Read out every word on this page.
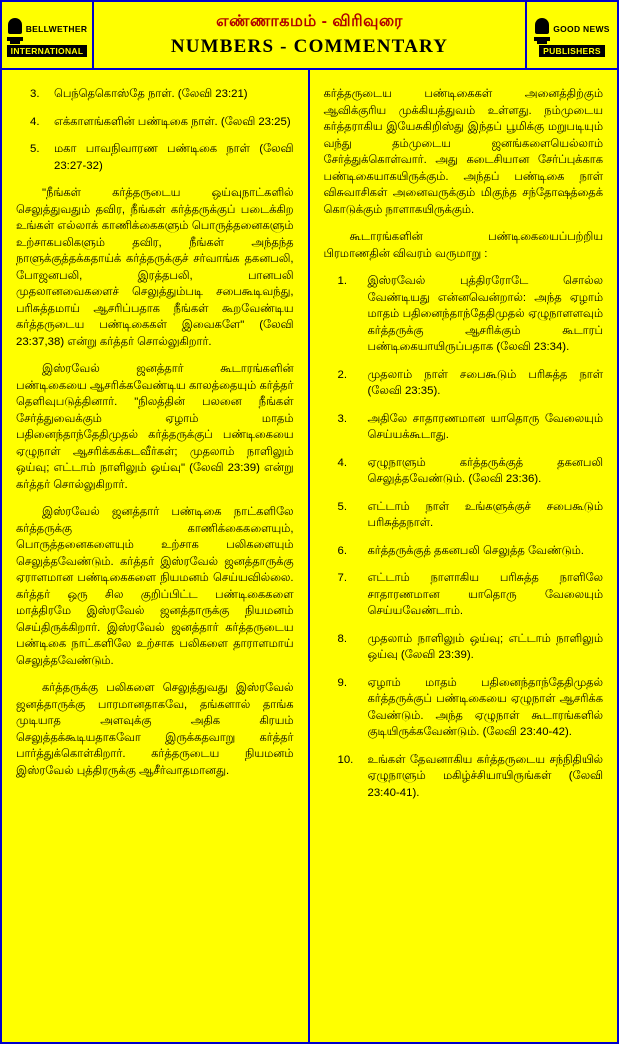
BELLWETHER
INTERNATIONAL
எண்ணாகமம் - விரிவுரை
NUMBERS - COMMENTARY
GOOD NEWS
PUBLISHERS
3.	பெந்தெகொஸ்தே நாள். (லேவி 23:21)
4.	எக்காளங்களின் பண்டிகை நாள். (லேவி 23:25)
5.	மகா பாவநிவாரண பண்டிகை நாள் (லேவி 23:27-32)

"நீங்கள் கர்த்தருடைய ஒய்வுநாட்களில் செலுத்துவதும் தவிர, நீங்கள் கர்த்தருக்குப் படைக்கிற உங்கள் எல்லாக் காணிக்கைகளும் பொருத்தனைகளும் உற்சாகபலிகளும் தவிர, நீங்கள் அந்தந்த நாளுக்குத்தக்கதாய்க் கர்த்தருக்குச் சர்வாங்க தகனபலி, போஜனபலி, இரத்தபலி, பானபலி முதலானவைகளைச் செலுத்தும்படி சபைகூடிவந்து, பரிசுத்தமாய் ஆசரிப்பதாக நீங்கள் கூறவேண்டிய கர்த்தருடைய பண்டிகைகள் இவைகளே" (லேவி 23:37,38) என்று கர்த்தர் சொல்லுகிறார்.

இஸ்ரவேல் ஜனத்தார் கூடாரங்களின் பண்டிகையை ஆசரிக்கவேண்டிய காலத்தையும் கர்த்தர் தெளிவுபடுத்தினார். "நிலத்தின் பலனை நீங்கள் சேர்த்துவைக்கும் ஏழாம் மாதம் பதினைந்தாந்தேதிமுதல் கர்த்தருக்குப் பண்டிகையை ஏழுநாள் ஆசரிக்கக்கடவீர்கள்; முதலாம் நாளிலும் ஒய்வு; எட்டாம் நாளிலும் ஒய்வு" (லேவி 23:39) என்று கர்த்தர் சொல்லுகிறார்.

இஸ்ரவேல் ஜனத்தார் பண்டிகை நாட்களிலே கர்த்தருக்கு காணிக்கைகளையும், பொருத்தனைகளையும் உற்சாக பலிகளையும் செலுத்தவேண்டும். கர்த்தர் இஸ்ரவேல் ஜனத்தாருக்கு ஏராளமான பண்டிகைகளை நியமனம் செய்யவில்லை. கர்த்தர் ஒரு சில குறிப்பிட்ட பண்டிகைகளை மாத்திரமே இஸ்ரவேல் ஜனத்தாருக்கு நியமனம் செய்திருக்கிறார். இஸ்ரவேல் ஜனத்தார் கர்த்தருடைய பண்டிகை நாட்களிலே உற்சாக பலிகளை தாராளமாய் செலுத்தவேண்டும்.

கர்த்தருக்கு பலிகளை செலுத்துவது இஸ்ரவேல் ஜனத்தாருக்கு பாரமானதாகவே, தங்களால் தாங்க முடியாத அளவுக்கு அதிக கிரயம் செலுத்தக்கூடியதாகவோ இருக்கதவாறு கர்த்தர் பார்த்துக்கொள்கிறார். கர்த்தருடைய நியமனம் இஸ்ரவேல் புத்திரருக்கு ஆசீர்வாதமானது.

கர்த்தருடைய பண்டிகைகள் அனைத்திற்கும் ஆவிக்குரிய முக்கியத்துவம் உள்ளது. நம்முடைய கர்த்தராகிய இயேசுகிறிஸ்து இந்தப் பூமிக்கு மறுபடியும் வந்து தம்முடைய ஜனங்களையெல்லாம் சேர்த்துக்கொள்வார். அது கடைசியான சேர்ப்புக்காக பண்டிகையாகயிருக்கும். அந்தப் பண்டிகை நாள் விசுவாசிகள் அனைவருக்கும் மிகுந்த சந்தோஷத்தைக் கொடுக்கும் நாளாகயிருக்கும்.

கூடாரங்களின் பண்டிகையைப்பற்றிய பிரமாணதின் விவரம் வருமாறு :

1.	இஸ்ரவேல் புத்திரரோடே சொல்ல வேண்டியது என்னவென்றால்: அந்த ஏழாம் மாதம் பதினைந்தாந்தேதிமுதல் ஏழுநாளளவும் கர்த்தருக்கு ஆசரிக்கும் கூடாரப் பண்டிகையாயிருப்பதாக (லேவி 23:34).
2.	முதலாம் நாள் சபைகூடும் பரிசுத்த நாள் (லேவி 23:35).
3.	அதிலே சாதாரணமான யாதொரு வேலையும் செய்யக்கூடாது.
4.	ஏழுநாளும் கர்த்தருக்குத் தகனபலி செலுத்தவேண்டும். (லேவி 23:36).
5.	எட்டாம் நாள் உங்களுக்குச் சபைகூடும் பரிசுத்தநாள்.
6.	கர்த்தருக்குத் தகனபலி செலுத்த வேண்டும்.
7.	எட்டாம் நாளாகிய பரிசுத்த நாளிலே சாதாரணமான யாதொரு வேலையும் செய்யவேண்டாம்.
8.	முதலாம் நாளிலும் ஒய்வு; எட்டாம் நாளிலும் ஒய்வு (லேவி 23:39).
9.	ஏழாம் மாதம் பதினைந்தாந்தேதிமுதல் கர்த்தருக்குப் பண்டிகையை ஏழுநாள் ஆசரிக்க வேண்டும். அந்த ஏழுநாள் கூடாரங்களில் குடியிருக்கவேண்டும். (லேவி 23:40-42).
10.	உங்கள் தேவனாகிய கர்த்தருடைய சந்நிதியில் ஏழுநாளும் மகிழ்ச்சியாயிருங்கள் (லேவி 23:40-41).
